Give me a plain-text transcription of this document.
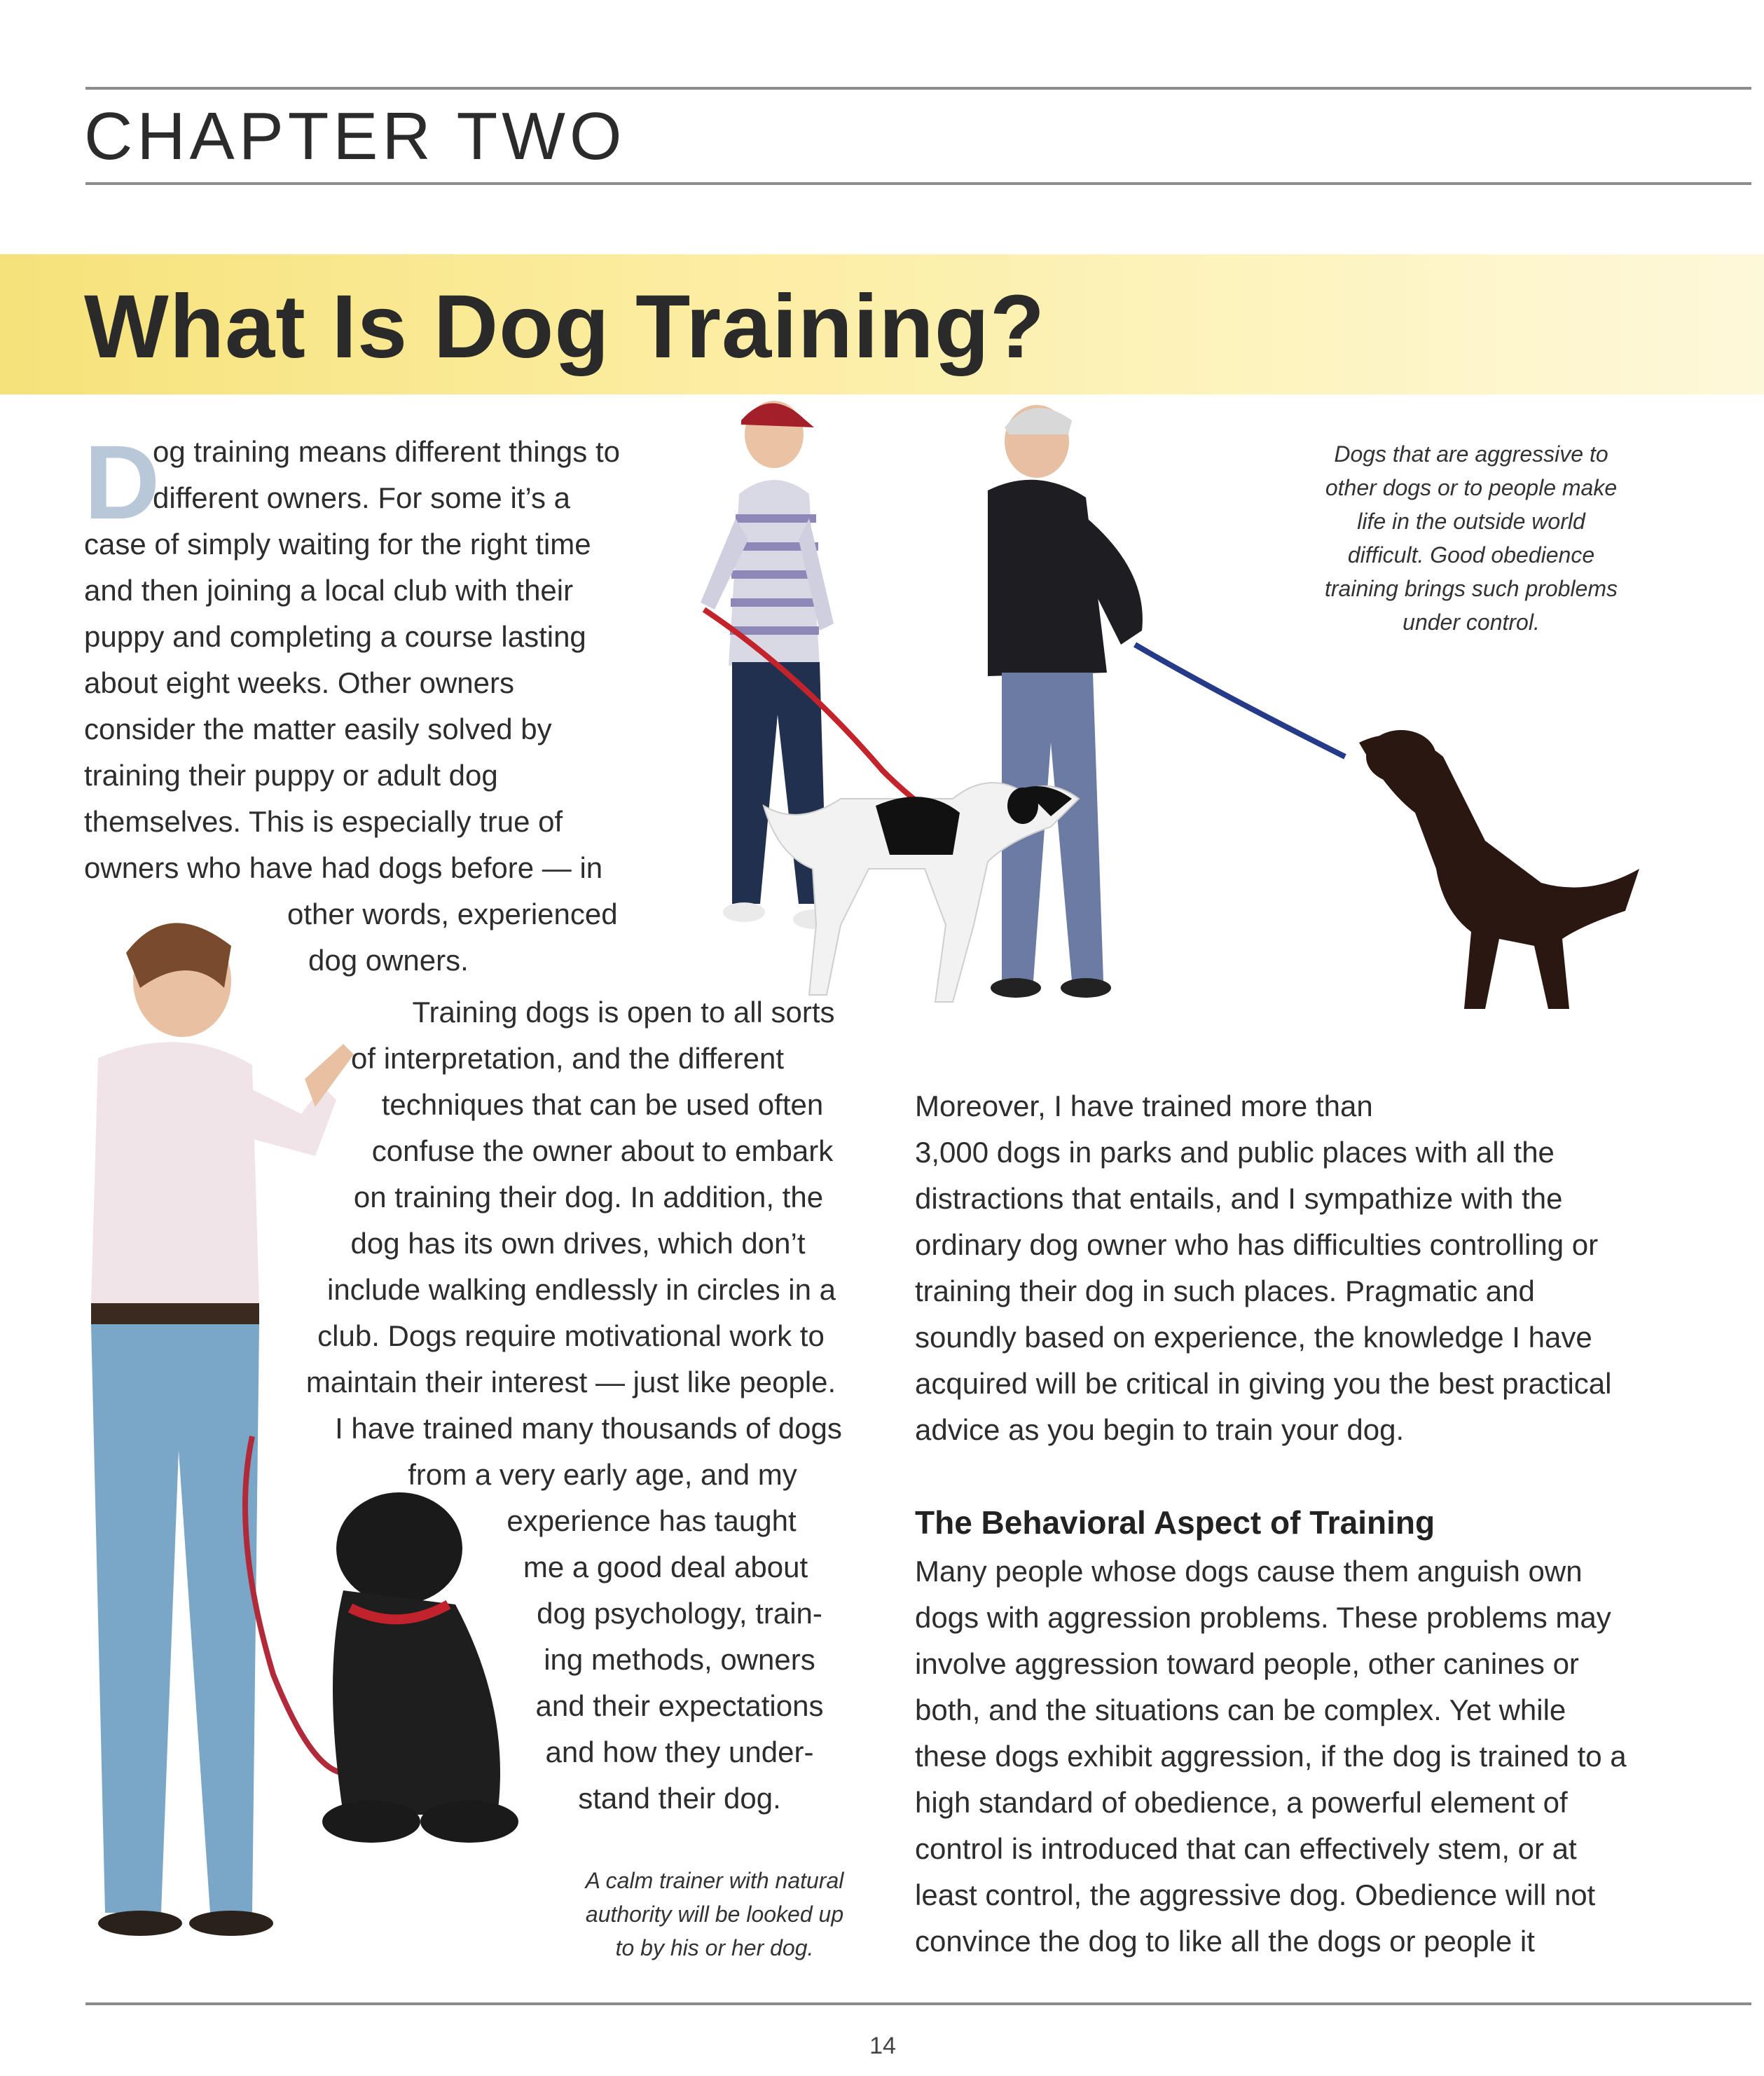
CHAPTER TWO
What Is Dog Training?
D
og training means different things to
different owners. For some it’s a
case of simply waiting for the right time
and then joining a local club with their
puppy and completing a course lasting
about eight weeks. Other owners
consider the matter easily solved by
training their puppy or adult dog
themselves. This is especially true of
owners who have had dogs before — in
other words, experienced
dog owners.
Training dogs is open to all sorts
of interpretation, and the different
techniques that can be used often
confuse the owner about to embark
on training their dog. In addition, the
dog has its own drives, which don’t
include walking endlessly in circles in a
club. Dogs require motivational work to
maintain their interest — just like people.
I have trained many thousands of dogs
from a very early age, and my
experience has taught
me a good deal about
dog psychology, train-
ing methods, owners
and their expectations
and how they under-
stand their dog.
A calm trainer with natural
authority will be looked up
to by his or her dog.
Dogs that are aggressive to
other dogs or to people make
life in the outside world
difficult. Good obedience
training brings such problems
under control.
Moreover, I have trained more than
3,000 dogs in parks and public places with all the
distractions that entails, and I sympathize with the
ordinary dog owner who has difficulties controlling or
training their dog in such places. Pragmatic and
soundly based on experience, the knowledge I have
acquired will be critical in giving you the best practical
advice as you begin to train your dog.
The Behavioral Aspect of Training
Many people whose dogs cause them anguish own
dogs with aggression problems. These problems may
involve aggression toward people, other canines or
both, and the situations can be complex. Yet while
these dogs exhibit aggression, if the dog is trained to a
high standard of obedience, a powerful element of
control is introduced that can effectively stem, or at
least control, the aggressive dog. Obedience will not
convince the dog to like all the dogs or people it
14
